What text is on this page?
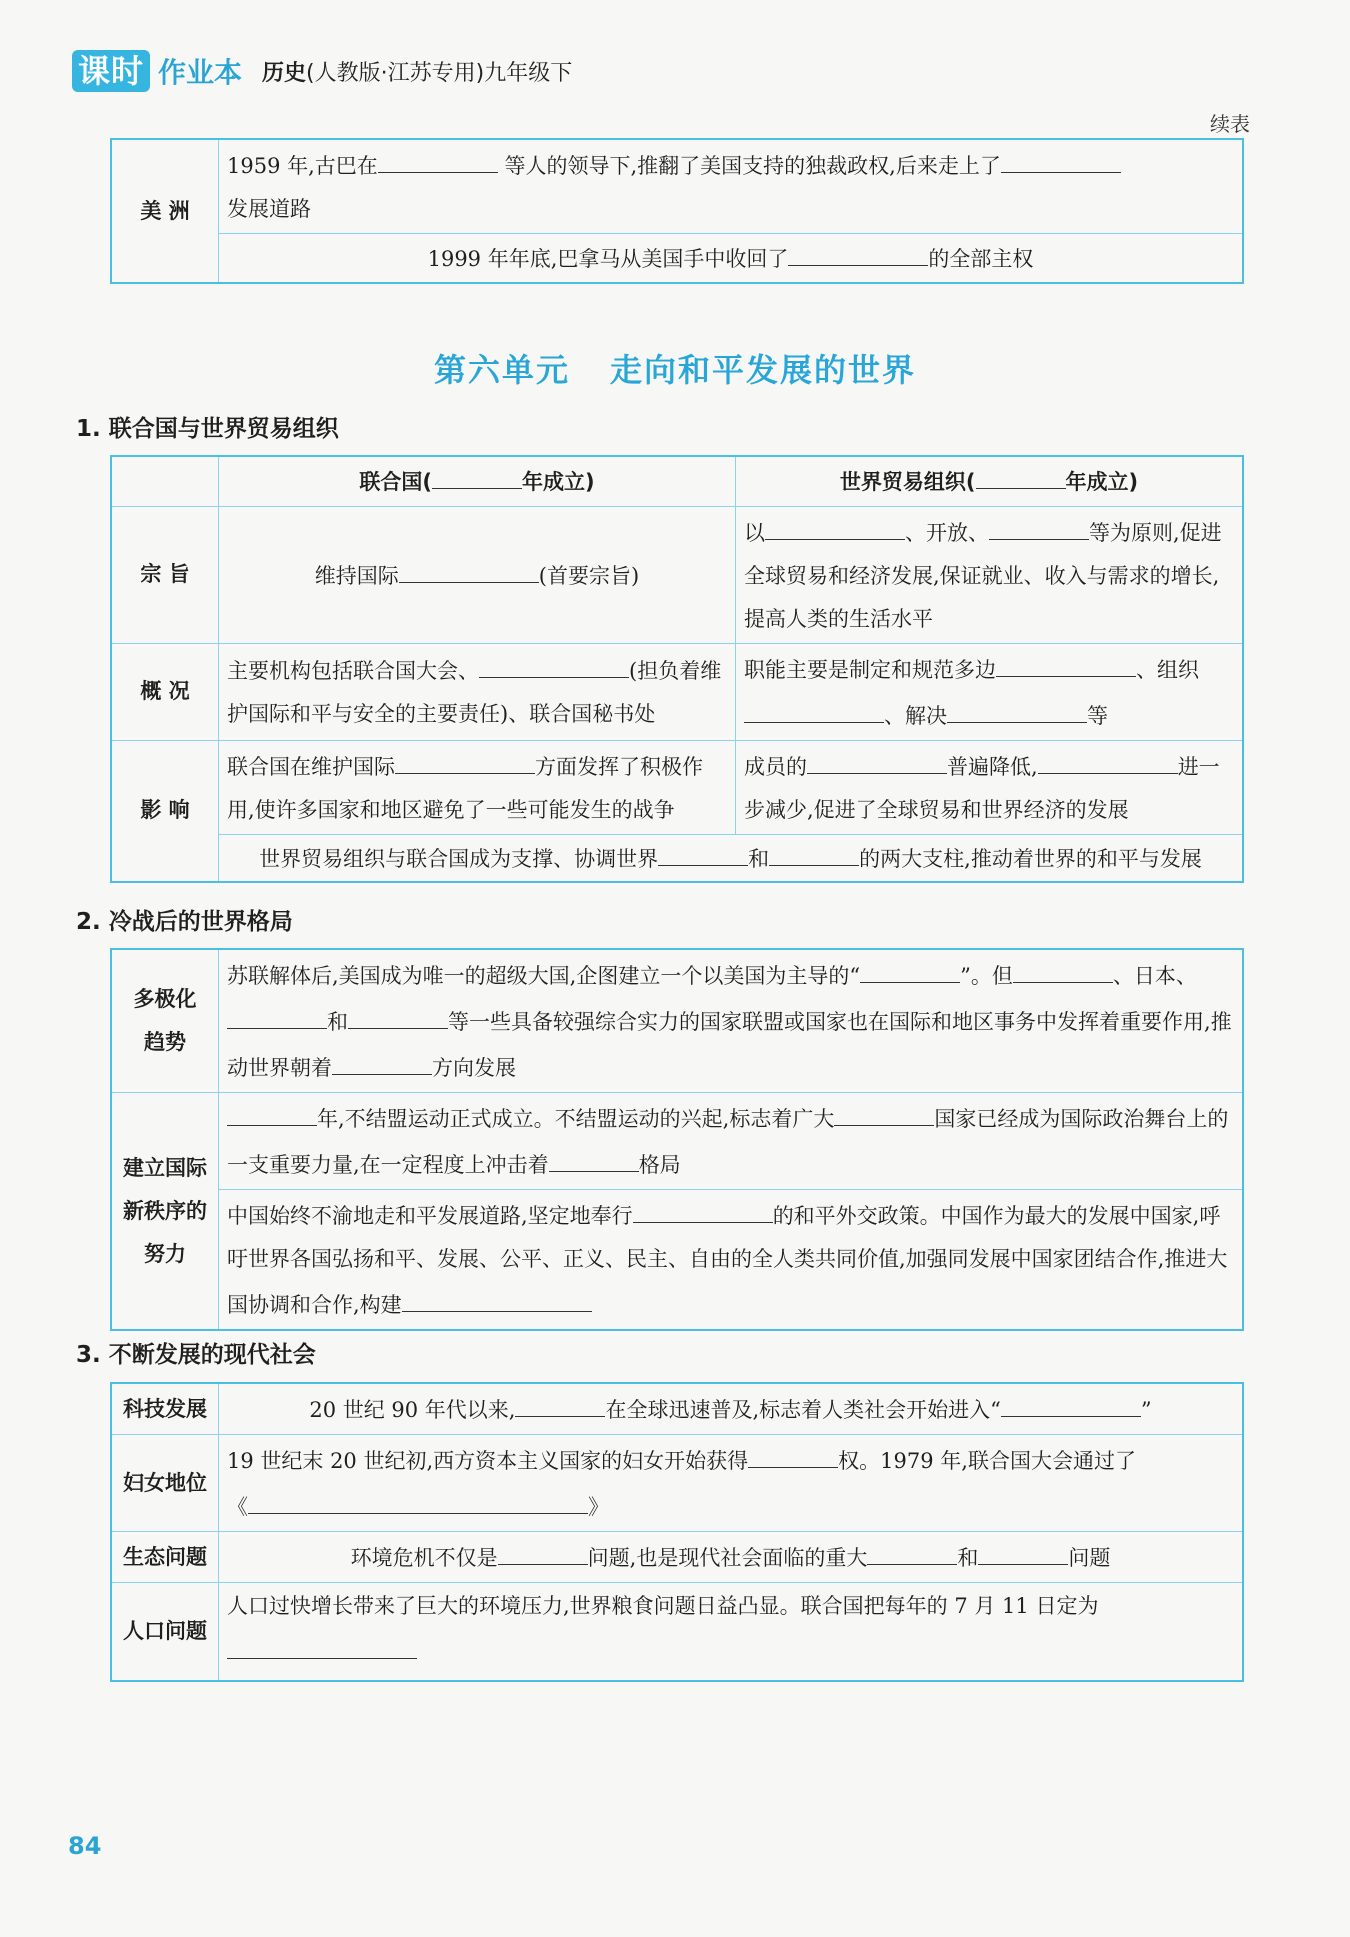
课时 作业本 历史(人教版·江苏专用)九年级下
续表
美 洲	1959 年,古巴在	等人的领导下,推翻了美国支持的独裁政权,后来走上了
发展道路
1999 年年底,巴拿马从美国手中收回了	的全部主权
第六单元 走向和平发展的世界
1. 联合国与世界贸易组织
	联合国( 年成立)	世界贸易组织( 年成立)
宗 旨	维持国际 (首要宗旨)	以 、开放、 等为原则,促进全球贸易和经济发展,保证就业、收入与需求的增长,提高人类的生活水平
概 况	主要机构包括联合国大会、 (担负着维护国际和平与安全的主要责任)、联合国秘书处	职能主要是制定和规范多边 、组织
、解决 等
影 响	联合国在维护国际 方面发挥了积极作用,使许多国家和地区避免了一些可能发生的战争	成员的 普遍降低, 进一步减少,促进了全球贸易和世界经济的发展
	世界贸易组织与联合国成为支撑、协调世界 和 的两大支柱,推动着世界的和平与发展	
2. 冷战后的世界格局
多极化
趋势	苏联解体后,美国成为唯一的超级大国,企图建立一个以美国为主导的“ ”。但 、日本、和 等一些具备较强综合实力的国家联盟或国家也在国际和地区事务中发挥着重要作用,推动世界朝着 方向发展
建立国际
新秩序的
努力	年,不结盟运动正式成立。不结盟运动的兴起,标志着广大 国家已经成为国际政治舞台上的一支重要力量,在一定程度上冲击着 格局
	中国始终不渝地走和平发展道路,坚定地奉行 的和平外交政策。中国作为最大的发展中国家,呼吁世界各国弘扬和平、发展、公平、正义、民主、自由的全人类共同价值,加强同发展中国家团结合作,推进大国协调和合作,构建
3. 不断发展的现代社会
科技发展	20 世纪 90 年代以来, 在全球迅速普及,标志着人类社会开始进入“ ”
妇女地位	19 世纪末 20 世纪初,西方资本主义国家的妇女开始获得 权。1979 年,联合国大会通过了
《 》
生态问题	环境危机不仅是 问题,也是现代社会面临的重大 和 问题
人口问题	人口过快增长带来了巨大的环境压力,世界粮食问题日益凸显。联合国把每年的 7 月 11 日定为

84
